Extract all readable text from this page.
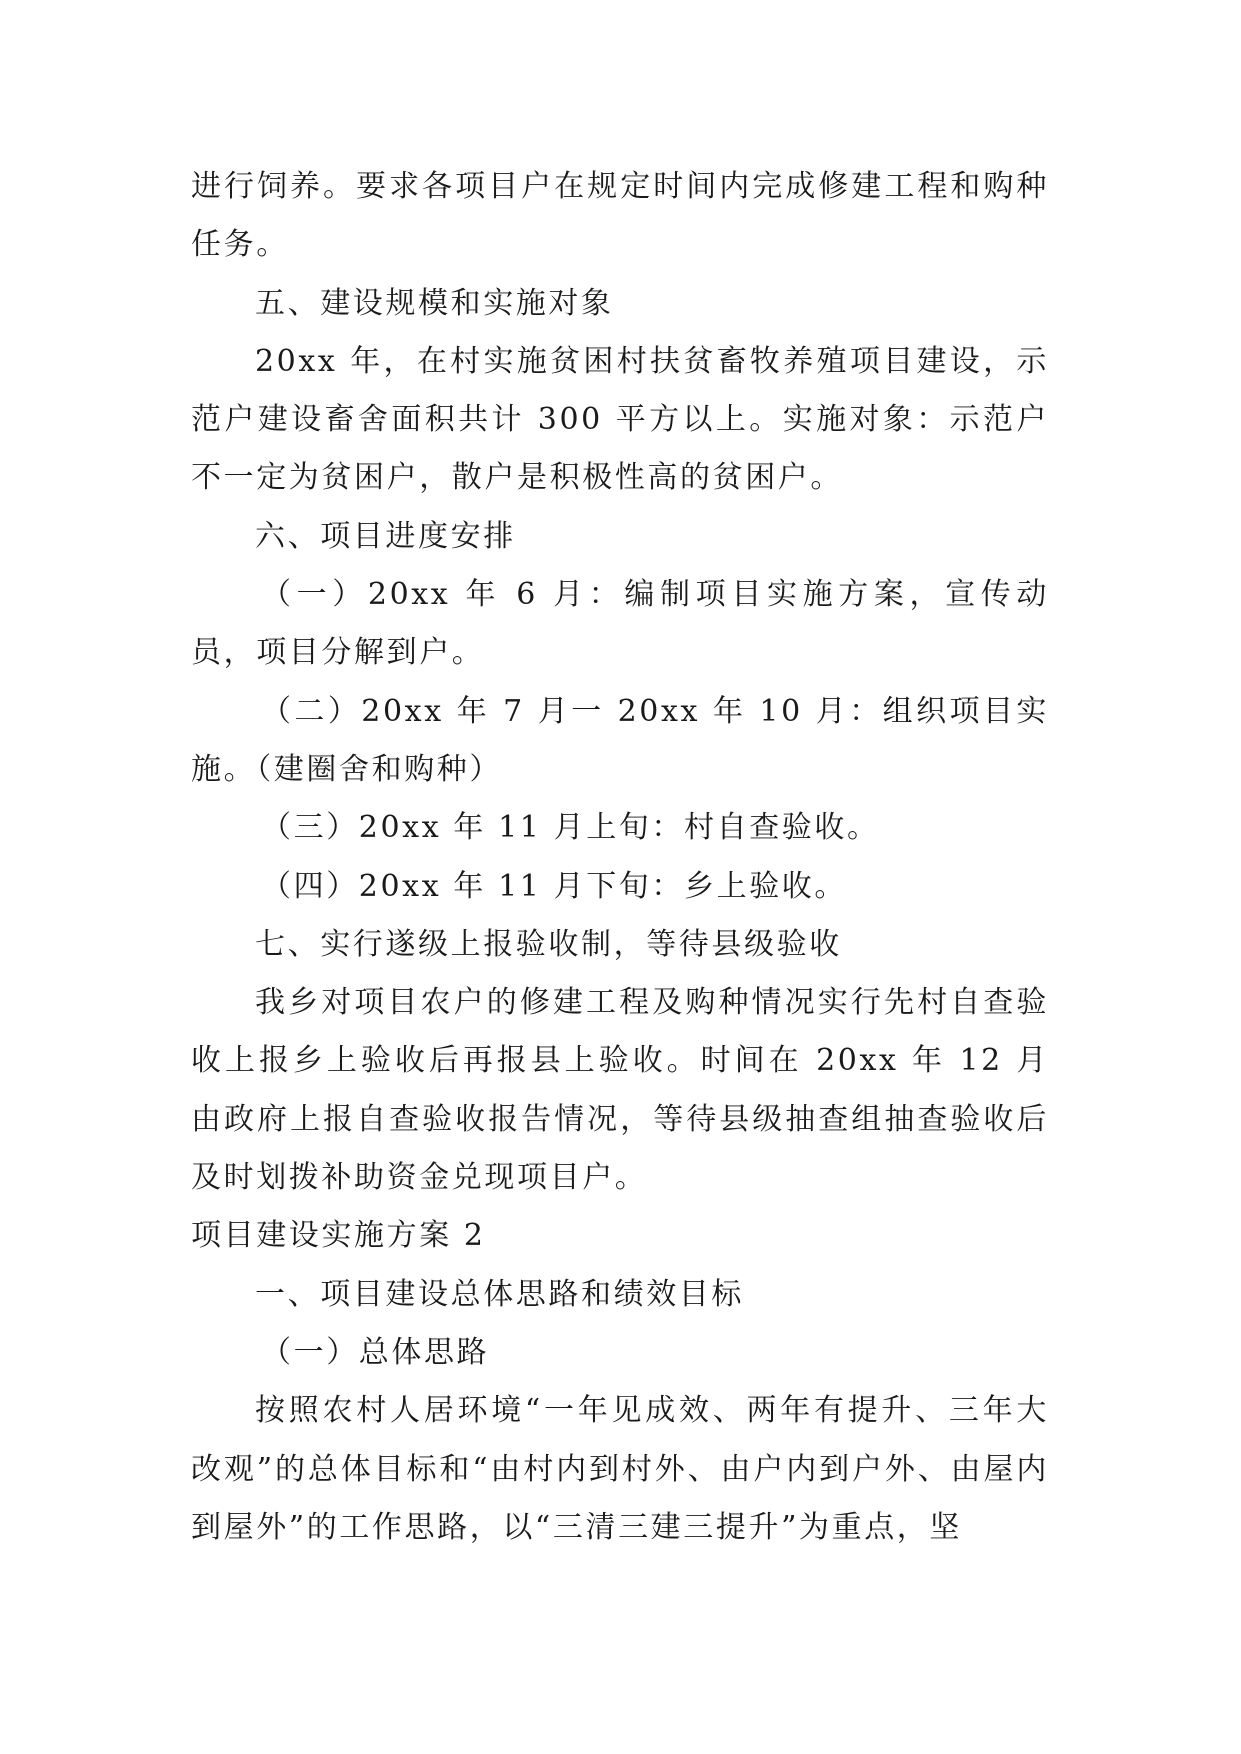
进行饲养。要求各项目户在规定时间内完成修建工程和购种任务。

五、建设规模和实施对象

20xx 年，在村实施贫困村扶贫畜牧养殖项目建设，示范户建设畜舍面积共计 300 平方以上。实施对象：示范户不一定为贫困户，散户是积极性高的贫困户。

六、项目进度安排

（一）20xx 年 6 月：编制项目实施方案，宣传动员，项目分解到户。

（二）20xx 年 7 月一 20xx 年 10 月：组织项目实施。（建圈舍和购种）

（三）20xx 年 11 月上旬：村自查验收。

（四）20xx 年 11 月下旬：乡上验收。

七、实行遂级上报验收制，等待县级验收

我乡对项目农户的修建工程及购种情况实行先村自查验收上报乡上验收后再报县上验收。时间在 20xx 年 12 月由政府上报自查验收报告情况，等待县级抽查组抽查验收后及时划拨补助资金兑现项目户。

项目建设实施方案 2

一、项目建设总体思路和绩效目标

（一）总体思路

按照农村人居环境“一年见成效、两年有提升、三年大改观”的总体目标和“由村内到村外、由户内到户外、由屋内到屋外”的工作思路，以“三清三建三提升”为重点，坚
